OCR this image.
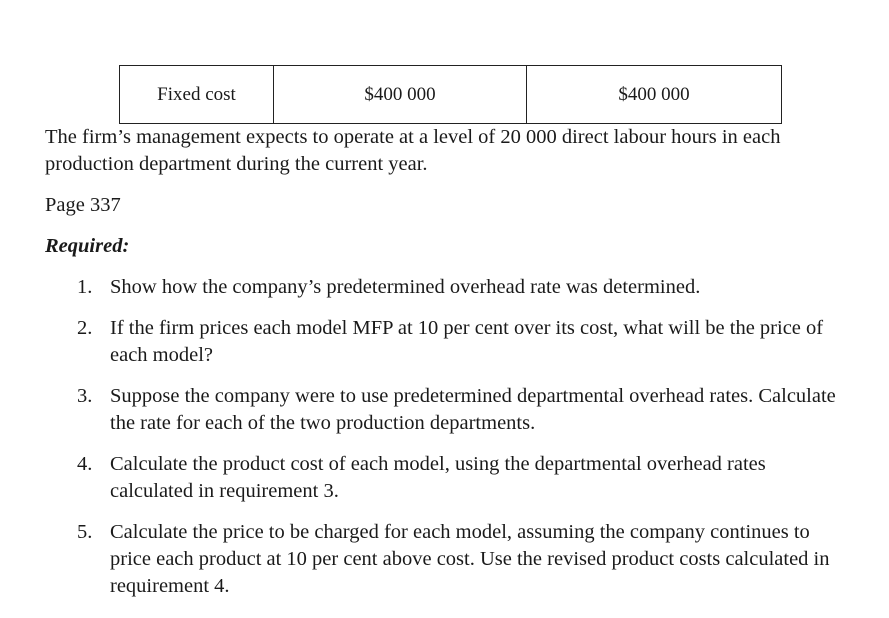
Fixed cost	$400 000	$400 000

The firm’s management expects to operate at a level of 20 000 direct labour hours in each production department during the current year.

Page 337

Required:

1. Show how the company’s predetermined overhead rate was determined.
2. If the firm prices each model MFP at 10 per cent over its cost, what will be the price of each model?
3. Suppose the company were to use predetermined departmental overhead rates. Calculate the rate for each of the two production departments.
4. Calculate the product cost of each model, using the departmental overhead rates calculated in requirement 3.
5. Calculate the price to be charged for each model, assuming the company continues to price each product at 10 per cent above cost. Use the revised product costs calculated in requirement 4.
